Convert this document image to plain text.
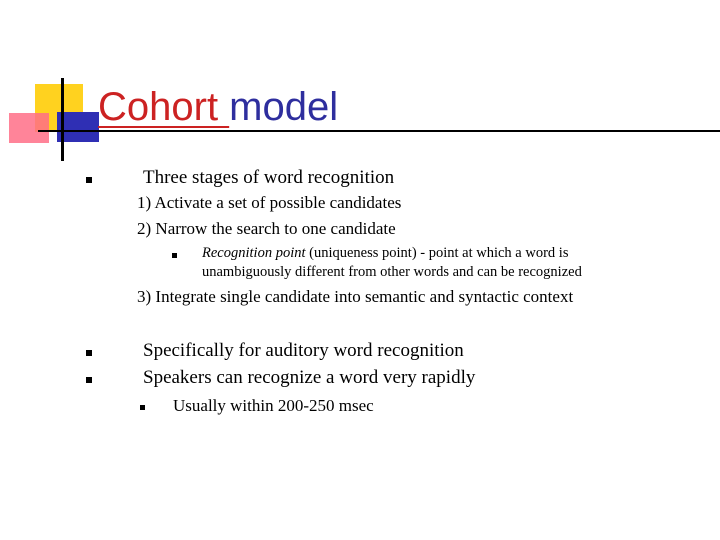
Cohort model
Three stages of word recognition
1) Activate a set of possible candidates
2) Narrow the search to one candidate
Recognition point (uniqueness point) - point at which a word is
unambiguously different from other words and can be recognized
3) Integrate single candidate into semantic and syntactic context
Specifically for auditory word recognition
Speakers can recognize a word very rapidly
Usually within 200-250 msec
